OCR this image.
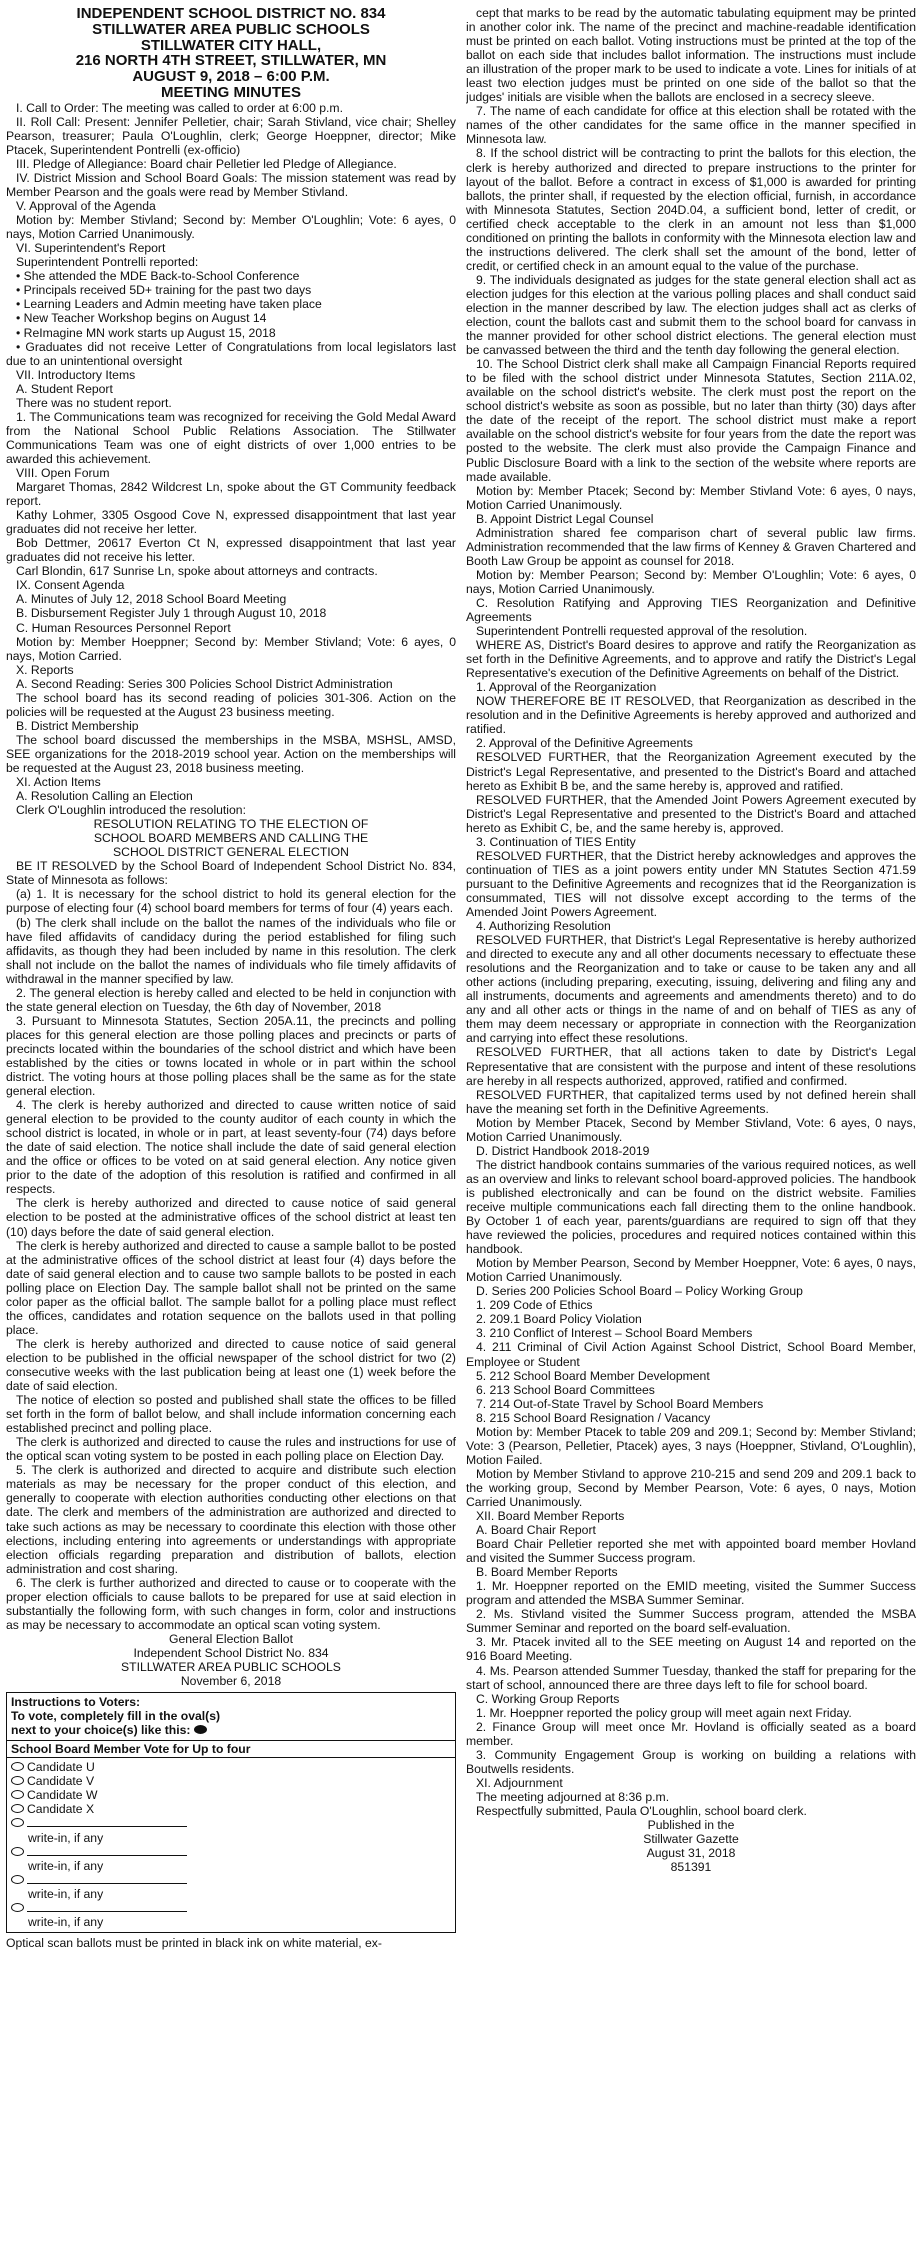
INDEPENDENT SCHOOL DISTRICT NO. 834

STILLWATER AREA PUBLIC SCHOOLS

STILLWATER CITY HALL,

216 NORTH 4TH STREET, STILLWATER, MN

AUGUST 9, 2018 – 6:00 P.M.

MEETING MINUTES

I. Call to Order: The meeting was called to order at 6:00 p.m.

II. Roll Call: Present: Jennifer Pelletier, chair; Sarah Stivland, vice chair; Shelley Pearson, treasurer; Paula O'Loughlin, clerk; George Hoeppner, director; Mike Ptacek, Superintendent Pontrelli (ex-officio)

III. Pledge of Allegiance: Board chair Pelletier led Pledge of Allegiance.

IV. District Mission and School Board Goals: The mission statement was read by Member Pearson and the goals were read by Member Stivland.

V. Approval of the Agenda

Motion by: Member Stivland; Second by: Member O'Loughlin; Vote: 6 ayes, 0 nays, Motion Carried Unanimously.

VI. Superintendent's Report

Superintendent Pontrelli reported:

• She attended the MDE Back-to-School Conference

• Principals received 5D+ training for the past two days

• Learning Leaders and Admin meeting have taken place

• New Teacher Workshop begins on August 14

• ReImagine MN work starts up August 15, 2018

• Graduates did not receive Letter of Congratulations from local legislators last due to an unintentional oversight

VII. Introductory Items

A. Student Report

There was no student report.

1. The Communications team was recognized for receiving the Gold Medal Award from the National School Public Relations Association. The Stillwater Communications Team was one of eight districts of over 1,000 entries to be awarded this achievement.

VIII. Open Forum

Margaret Thomas, 2842 Wildcrest Ln, spoke about the GT Community feedback report.

Kathy Lohmer, 3305 Osgood Cove N, expressed disappointment that last year graduates did not receive her letter.

Bob Dettmer, 20617 Everton Ct N, expressed disappointment that last year graduates did not receive his letter.

Carl Blondin, 617 Sunrise Ln, spoke about attorneys and contracts.

IX. Consent Agenda

A. Minutes of July 12, 2018 School Board Meeting

B. Disbursement Register July 1 through August 10, 2018

C. Human Resources Personnel Report

Motion by: Member Hoeppner; Second by: Member Stivland; Vote: 6 ayes, 0 nays, Motion Carried.

X. Reports

A. Second Reading: Series 300 Policies School District Administration

The school board has its second reading of policies 301-306. Action on the policies will be requested at the August 23 business meeting.

B. District Membership

The school board discussed the memberships in the MSBA, MSHSL, AMSD, SEE organizations for the 2018-2019 school year. Action on the memberships will be requested at the August 23, 2018 business meeting.

XI. Action Items

A. Resolution Calling an Election

Clerk O'Loughlin introduced the resolution:

RESOLUTION RELATING TO THE ELECTION OF

SCHOOL BOARD MEMBERS AND CALLING THE

SCHOOL DISTRICT GENERAL ELECTION

BE IT RESOLVED by the School Board of Independent School District No. 834, State of Minnesota as follows:

(a) 1. It is necessary for the school district to hold its general election for the purpose of electing four (4) school board members for terms of four (4) years each.

(b) The clerk shall include on the ballot the names of the individuals who file or have filed affidavits of candidacy during the period established for filing such affidavits, as though they had been included by name in this resolution. The clerk shall not include on the ballot the names of individuals who file timely affidavits of withdrawal in the manner specified by law.

2. The general election is hereby called and elected to be held in conjunction with the state general election on Tuesday, the 6th day of November, 2018

3. Pursuant to Minnesota Statutes, Section 205A.11, the precincts and polling places for this general election are those polling places and precincts or parts of precincts located within the boundaries of the school district and which have been established by the cities or towns located in whole or in part within the school district. The voting hours at those polling places shall be the same as for the state general election.

4. The clerk is hereby authorized and directed to cause written notice of said general election to be provided to the county auditor of each county in which the school district is located, in whole or in part, at least seventy-four (74) days before the date of said election. The notice shall include the date of said general election and the office or offices to be voted on at said general election. Any notice given prior to the date of the adoption of this resolution is ratified and confirmed in all respects.

The clerk is hereby authorized and directed to cause notice of said general election to be posted at the administrative offices of the school district at least ten (10) days before the date of said general election.

The clerk is hereby authorized and directed to cause a sample ballot to be posted at the administrative offices of the school district at least four (4) days before the date of said general election and to cause two sample ballots to be posted in each polling place on Election Day. The sample ballot shall not be printed on the same color paper as the official ballot. The sample ballot for a polling place must reflect the offices, candidates and rotation sequence on the ballots used in that polling place.

The clerk is hereby authorized and directed to cause notice of said general election to be published in the official newspaper of the school district for two (2) consecutive weeks with the last publication being at least one (1) week before the date of said election.

The notice of election so posted and published shall state the offices to be filled set forth in the form of ballot below, and shall include information concerning each established precinct and polling place.

The clerk is authorized and directed to cause the rules and instructions for use of the optical scan voting system to be posted in each polling place on Election Day.

5. The clerk is authorized and directed to acquire and distribute such election materials as may be necessary for the proper conduct of this election, and generally to cooperate with election authorities conducting other elections on that date. The clerk and members of the administration are authorized and directed to take such actions as may be necessary to coordinate this election with those other elections, including entering into agreements or understandings with appropriate election officials regarding preparation and distribution of ballots, election administration and cost sharing.

6. The clerk is further authorized and directed to cause or to cooperate with the proper election officials to cause ballots to be prepared for use at said election in substantially the following form, with such changes in form, color and instructions as may be necessary to accommodate an optical scan voting system.

General Election Ballot

Independent School District No. 834

STILLWATER AREA PUBLIC SCHOOLS

November 6, 2018

Instructions to Voters:
To vote, completely fill in the oval(s)
next to your choice(s) like this:
School Board Member Vote for Up to four
Candidate U
Candidate V
Candidate W
Candidate X

write-in, if any

write-in, if any

write-in, if any

write-in, if any

Optical scan ballots must be printed in black ink on white material, ex-

cept that marks to be read by the automatic tabulating equipment may be printed in another color ink. The name of the precinct and machine-readable identification must be printed on each ballot. Voting instructions must be printed at the top of the ballot on each side that includes ballot information. The instructions must include an illustration of the proper mark to be used to indicate a vote. Lines for initials of at least two election judges must be printed on one side of the ballot so that the judges' initials are visible when the ballots are enclosed in a secrecy sleeve.

7. The name of each candidate for office at this election shall be rotated with the names of the other candidates for the same office in the manner specified in Minnesota law.

8. If the school district will be contracting to print the ballots for this election, the clerk is hereby authorized and directed to prepare instructions to the printer for layout of the ballot. Before a contract in excess of $1,000 is awarded for printing ballots, the printer shall, if requested by the election official, furnish, in accordance with Minnesota Statutes, Section 204D.04, a sufficient bond, letter of credit, or certified check acceptable to the clerk in an amount not less than $1,000 conditioned on printing the ballots in conformity with the Minnesota election law and the instructions delivered. The clerk shall set the amount of the bond, letter of credit, or certified check in an amount equal to the value of the purchase.

9. The individuals designated as judges for the state general election shall act as election judges for this election at the various polling places and shall conduct said election in the manner described by law. The election judges shall act as clerks of election, count the ballots cast and submit them to the school board for canvass in the manner provided for other school district elections. The general election must be canvassed between the third and the tenth day following the general election.

10. The School District clerk shall make all Campaign Financial Reports required to be filed with the school district under Minnesota Statutes, Section 211A.02, available on the school district's website. The clerk must post the report on the school district's website as soon as possible, but no later than thirty (30) days after the date of the receipt of the report. The school district must make a report available on the school district's website for four years from the date the report was posted to the website. The clerk must also provide the Campaign Finance and Public Disclosure Board with a link to the section of the website where reports are made available.

Motion by: Member Ptacek; Second by: Member Stivland Vote: 6 ayes, 0 nays, Motion Carried Unanimously.

B. Appoint District Legal Counsel

Administration shared fee comparison chart of several public law firms. Administration recommended that the law firms of Kenney & Graven Chartered and Booth Law Group be appoint as counsel for 2018.

Motion by: Member Pearson; Second by: Member O'Loughlin; Vote: 6 ayes, 0 nays, Motion Carried Unanimously.

C. Resolution Ratifying and Approving TIES Reorganization and Definitive Agreements

Superintendent Pontrelli requested approval of the resolution.

WHERE AS, District's Board desires to approve and ratify the Reorganization as set forth in the Definitive Agreements, and to approve and ratify the District's Legal Representative's execution of the Definitive Agreements on behalf of the District.

1. Approval of the Reorganization

NOW THEREFORE BE IT RESOLVED, that Reorganization as described in the resolution and in the Definitive Agreements is hereby approved and authorized and ratified.

2. Approval of the Definitive Agreements

RESOLVED FURTHER, that the Reorganization Agreement executed by the District's Legal Representative, and presented to the District's Board and attached hereto as Exhibit B be, and the same hereby is, approved and ratified.

RESOLVED FURTHER, that the Amended Joint Powers Agreement executed by District's Legal Representative and presented to the District's Board and attached hereto as Exhibit C, be, and the same hereby is, approved.

3. Continuation of TIES Entity

RESOLVED FURTHER, that the District hereby acknowledges and approves the continuation of TIES as a joint powers entity under MN Statutes Section 471.59 pursuant to the Definitive Agreements and recognizes that id the Reorganization is consummated, TIES will not dissolve except according to the terms of the Amended Joint Powers Agreement.

4. Authorizing Resolution

RESOLVED FURTHER, that District's Legal Representative is hereby authorized and directed to execute any and all other documents necessary to effectuate these resolutions and the Reorganization and to take or cause to be taken any and all other actions (including preparing, executing, issuing, delivering and filing any and all instruments, documents and agreements and amendments thereto) and to do any and all other acts or things in the name of and on behalf of TIES as any of them may deem necessary or appropriate in connection with the Reorganization and carrying into effect these resolutions.

RESOLVED FURTHER, that all actions taken to date by District's Legal Representative that are consistent with the purpose and intent of these resolutions are hereby in all respects authorized, approved, ratified and confirmed.

RESOLVED FURTHER, that capitalized terms used by not defined herein shall have the meaning set forth in the Definitive Agreements.

Motion by Member Ptacek, Second by Member Stivland, Vote: 6 ayes, 0 nays, Motion Carried Unanimously.

D. District Handbook 2018-2019

The district handbook contains summaries of the various required notices, as well as an overview and links to relevant school board-approved policies. The handbook is published electronically and can be found on the district website. Families receive multiple communications each fall directing them to the online handbook. By October 1 of each year, parents/guardians are required to sign off that they have reviewed the policies, procedures and required notices contained within this handbook.

Motion by Member Pearson, Second by Member Hoeppner, Vote: 6 ayes, 0 nays, Motion Carried Unanimously.

D. Series 200 Policies School Board – Policy Working Group

1. 209 Code of Ethics

2. 209.1 Board Policy Violation

3. 210 Conflict of Interest – School Board Members

4. 211 Criminal of Civil Action Against School District, School Board Member, Employee or Student

5. 212 School Board Member Development

6. 213 School Board Committees

7. 214 Out-of-State Travel by School Board Members

8. 215 School Board Resignation / Vacancy

Motion by: Member Ptacek to table 209 and 209.1; Second by: Member Stivland; Vote: 3 (Pearson, Pelletier, Ptacek) ayes, 3 nays (Hoeppner, Stivland, O'Loughlin), Motion Failed.

Motion by Member Stivland to approve 210-215 and send 209 and 209.1 back to the working group, Second by Member Pearson, Vote: 6 ayes, 0 nays, Motion Carried Unanimously.

XII. Board Member Reports

A. Board Chair Report

Board Chair Pelletier reported she met with appointed board member Hovland and visited the Summer Success program.

B. Board Member Reports

1. Mr. Hoeppner reported on the EMID meeting, visited the Summer Success program and attended the MSBA Summer Seminar.

2. Ms. Stivland visited the Summer Success program, attended the MSBA Summer Seminar and reported on the board self-evaluation.

3. Mr. Ptacek invited all to the SEE meeting on August 14 and reported on the 916 Board Meeting.

4. Ms. Pearson attended Summer Tuesday, thanked the staff for preparing for the start of school, announced there are three days left to file for school board.

C. Working Group Reports

1. Mr. Hoeppner reported the policy group will meet again next Friday.

2. Finance Group will meet once Mr. Hovland is officially seated as a board member.

3. Community Engagement Group is working on building a relations with Boutwells residents.

XI. Adjournment

The meeting adjourned at 8:36 p.m.

Respectfully submitted, Paula O'Loughlin, school board clerk.

Published in the

Stillwater Gazette

August 31, 2018

851391
